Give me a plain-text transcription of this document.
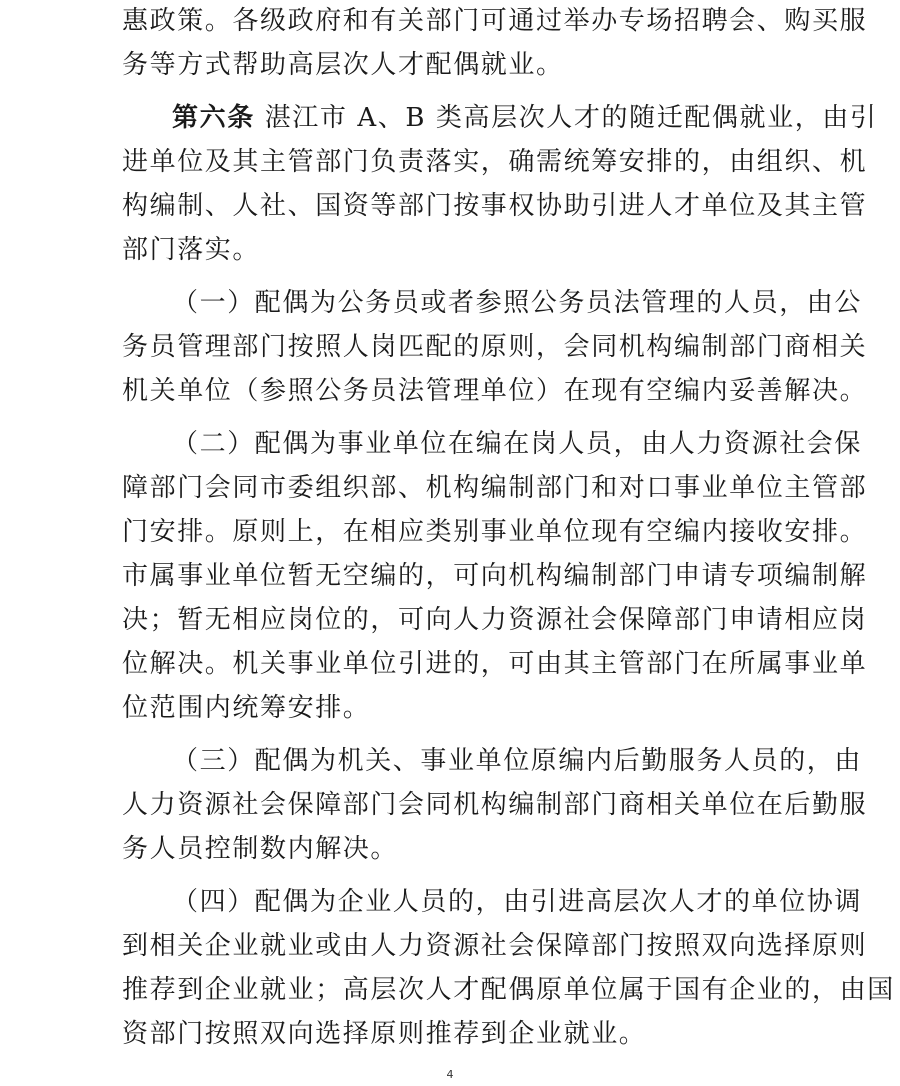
惠政策。各级政府和有关部门可通过举办专场招聘会、购买服
务等方式帮助高层次人才配偶就业。
第六条 湛江市 A、B 类高层次人才的随迁配偶就业，由引
进单位及其主管部门负责落实，确需统筹安排的，由组织、机
构编制、人社、国资等部门按事权协助引进人才单位及其主管
部门落实。
（一）配偶为公务员或者参照公务员法管理的人员，由公
务员管理部门按照人岗匹配的原则，会同机构编制部门商相关
机关单位（参照公务员法管理单位）在现有空编内妥善解决。
（二）配偶为事业单位在编在岗人员，由人力资源社会保
障部门会同市委组织部、机构编制部门和对口事业单位主管部
门安排。原则上，在相应类别事业单位现有空编内接收安排。
市属事业单位暂无空编的，可向机构编制部门申请专项编制解
决；暂无相应岗位的，可向人力资源社会保障部门申请相应岗
位解决。机关事业单位引进的，可由其主管部门在所属事业单
位范围内统筹安排。
（三）配偶为机关、事业单位原编内后勤服务人员的，由
人力资源社会保障部门会同机构编制部门商相关单位在后勤服
务人员控制数内解决。
（四）配偶为企业人员的，由引进高层次人才的单位协调
到相关企业就业或由人力资源社会保障部门按照双向选择原则
推荐到企业就业；高层次人才配偶原单位属于国有企业的，由国
资部门按照双向选择原则推荐到企业就业。
4
